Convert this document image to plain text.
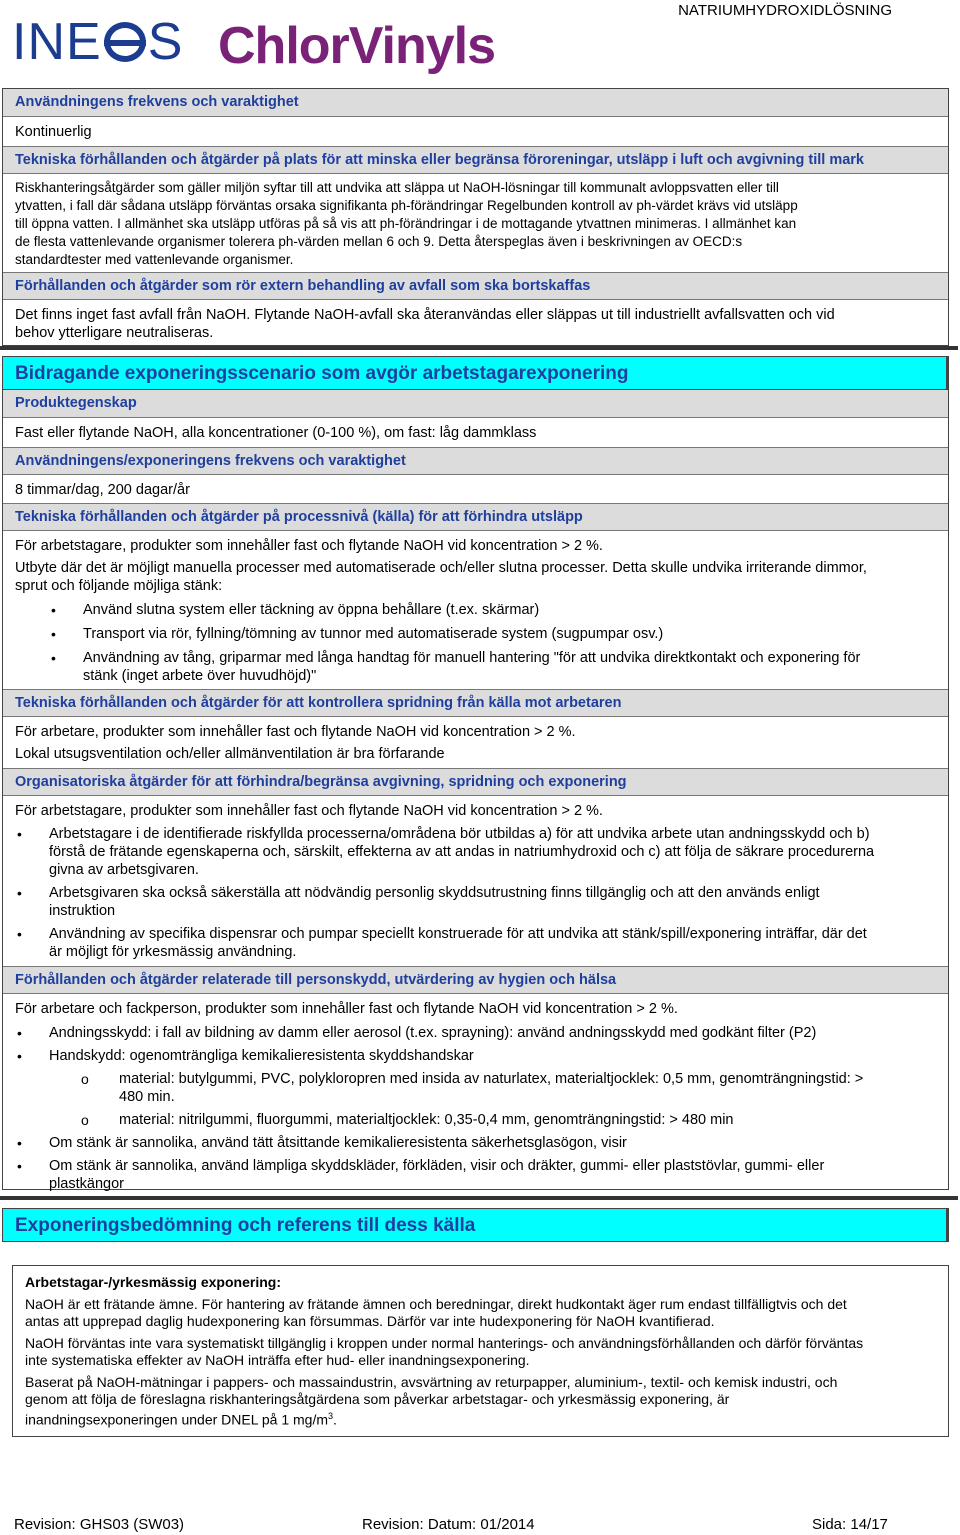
INE S ChlorVinyls
NATRIUMHYDROXIDLÖSNING
Användningens frekvens och varaktighet
Kontinuerlig
Tekniska förhållanden och åtgärder på plats för att minska eller begränsa föroreningar, utsläpp i luft och avgivning till mark
Riskhanteringsåtgärder som gäller miljön syftar till att undvika att släppa ut NaOH-lösningar till kommunalt avloppsvatten eller till
ytvatten, i fall där sådana utsläpp förväntas orsaka signifikanta ph-förändringar Regelbunden kontroll av ph-värdet krävs vid utsläpp
till öppna vatten. I allmänhet ska utsläpp utföras på så vis att ph-förändringar i de mottagande ytvattnen minimeras. I allmänhet kan
de flesta vattenlevande organismer tolerera ph-värden mellan 6 och 9. Detta återspeglas även i beskrivningen av OECD:s
standardtester med vattenlevande organismer.
Förhållanden och åtgärder som rör extern behandling av avfall som ska bortskaffas
Det finns inget fast avfall från NaOH. Flytande NaOH-avfall ska återanvändas eller släppas ut till industriellt avfallsvatten och vid
behov ytterligare neutraliseras.
Bidragande exponeringsscenario som avgör arbetstagarexponering
Produktegenskap
Fast eller flytande NaOH, alla koncentrationer (0-100 %), om fast: låg dammklass
Användningens/exponeringens frekvens och varaktighet
8 timmar/dag, 200 dagar/år
Tekniska förhållanden och åtgärder på processnivå (källa) för att förhindra utsläpp
För arbetstagare, produkter som innehåller fast och flytande NaOH vid koncentration > 2 %.
Utbyte där det är möjligt manuella processer med automatiserade och/eller slutna processer. Detta skulle undvika irriterande dimmor,
sprut och följande möjliga stänk:
• Använd slutna system eller täckning av öppna behållare (t.ex. skärmar)
• Transport via rör, fyllning/tömning av tunnor med automatiserade system (sugpumpar osv.)
• Användning av tång, griparmar med långa handtag för manuell hantering "för att undvika direktkontakt och exponering för
stänk (inget arbete över huvudhöjd)"
Tekniska förhållanden och åtgärder för att kontrollera spridning från källa mot arbetaren
För arbetare, produkter som innehåller fast och flytande NaOH vid koncentration > 2 %.
Lokal utsugsventilation och/eller allmänventilation är bra förfarande
Organisatoriska åtgärder för att förhindra/begränsa avgivning, spridning och exponering
För arbetstagare, produkter som innehåller fast och flytande NaOH vid koncentration > 2 %.
• Arbetstagare i de identifierade riskfyllda processerna/områdena bör utbildas a) för att undvika arbete utan andningsskydd och b)
förstå de frätande egenskaperna och, särskilt, effekterna av att andas in natriumhydroxid och c) att följa de säkrare procedurerna
givna av arbetsgivaren.
• Arbetsgivaren ska också säkerställa att nödvändig personlig skyddsutrustning finns tillgänglig och att den används enligt
instruktion
• Användning av specifika dispensrar och pumpar speciellt konstruerade för att undvika att stänk/spill/exponering inträffar, där det
är möjligt för yrkesmässig användning.
Förhållanden och åtgärder relaterade till personskydd, utvärdering av hygien och hälsa
För arbetare och fackperson, produkter som innehåller fast och flytande NaOH vid koncentration > 2 %.
• Andningsskydd: i fall av bildning av damm eller aerosol (t.ex. sprayning): använd andningsskydd med godkänt filter (P2)
• Handskydd: ogenomträngliga kemikalieresistenta skyddshandskar
o material: butylgummi, PVC, polykloropren med insida av naturlatex, materialtjocklek: 0,5 mm, genomträngningstid: >
480 min.
o material: nitrilgummi, fluorgummi, materialtjocklek: 0,35-0,4 mm, genomträngningstid: > 480 min
• Om stänk är sannolika, använd tätt åtsittande kemikalieresistenta säkerhetsglasögon, visir
• Om stänk är sannolika, använd lämpliga skyddskläder, förkläden, visir och dräkter, gummi- eller plaststövlar, gummi- eller
plastkängor
Exponeringsbedömning och referens till dess källa
Arbetstagar-/yrkesmässig exponering:
NaOH är ett frätande ämne. För hantering av frätande ämnen och beredningar, direkt hudkontakt äger rum endast tillfälligtvis och det
antas att upprepad daglig hudexponering kan försummas. Därför var inte hudexponering för NaOH kvantifierad.
NaOH förväntas inte vara systematiskt tillgänglig i kroppen under normal hanterings- och användningsförhållanden och därför förväntas
inte systematiska effekter av NaOH inträffa efter hud- eller inandningsexponering.
Baserat på NaOH-mätningar i pappers- och massaindustrin, avsvärtning av returpapper, aluminium-, textil- och kemisk industri, och
genom att följa de föreslagna riskhanteringsåtgärdena som påverkar arbetstagar- och yrkesmässig exponering, är
inandningsexponeringen under DNEL på 1 $mg/m^3$.
Revision: GHS03 (SW03)	Revision: Datum: 01/2014	Sida: 14/17
